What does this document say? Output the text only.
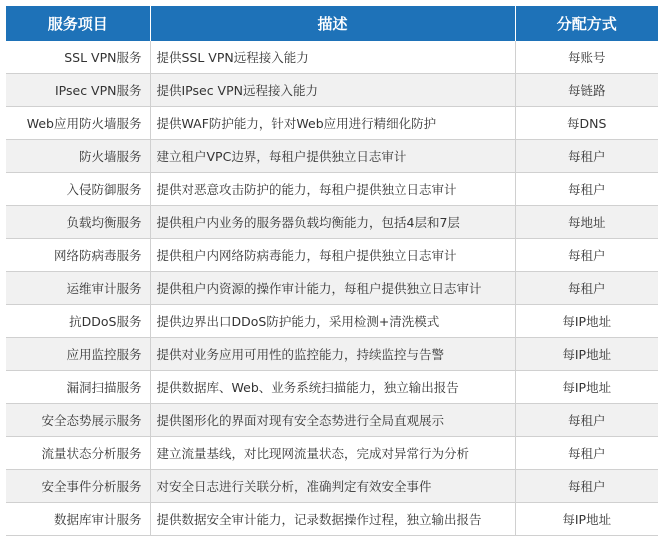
服务项目	描述	分配方式
SSL VPN服务	提供SSL VPN远程接入能力	每账号
IPsec VPN服务	提供IPsec VPN远程接入能力	每链路
Web应用防火墙服务	提供WAF防护能力，针对Web应用进行精细化防护	每DNS
防火墙服务	建立租户VPC边界，每租户提供独立日志审计	每租户
入侵防御服务	提供对恶意攻击防护的能力，每租户提供独立日志审计	每租户
负载均衡服务	提供租户内业务的服务器负载均衡能力，包括4层和7层	每地址
网络防病毒服务	提供租户内网络防病毒能力，每租户提供独立日志审计	每租户
运维审计服务	提供租户内资源的操作审计能力，每租户提供独立日志审计	每租户
抗DDoS服务	提供边界出口DDoS防护能力，采用检测+清洗模式	每IP地址
应用监控服务	提供对业务应用可用性的监控能力，持续监控与告警	每IP地址
漏洞扫描服务	提供数据库、Web、业务系统扫描能力，独立输出报告	每IP地址
安全态势展示服务	提供图形化的界面对现有安全态势进行全局直观展示	每租户
流量状态分析服务	建立流量基线，对比现网流量状态，完成对异常行为分析	每租户
安全事件分析服务	对安全日志进行关联分析，准确判定有效安全事件	每租户
数据库审计服务	提供数据安全审计能力，记录数据操作过程，独立输出报告	每IP地址
